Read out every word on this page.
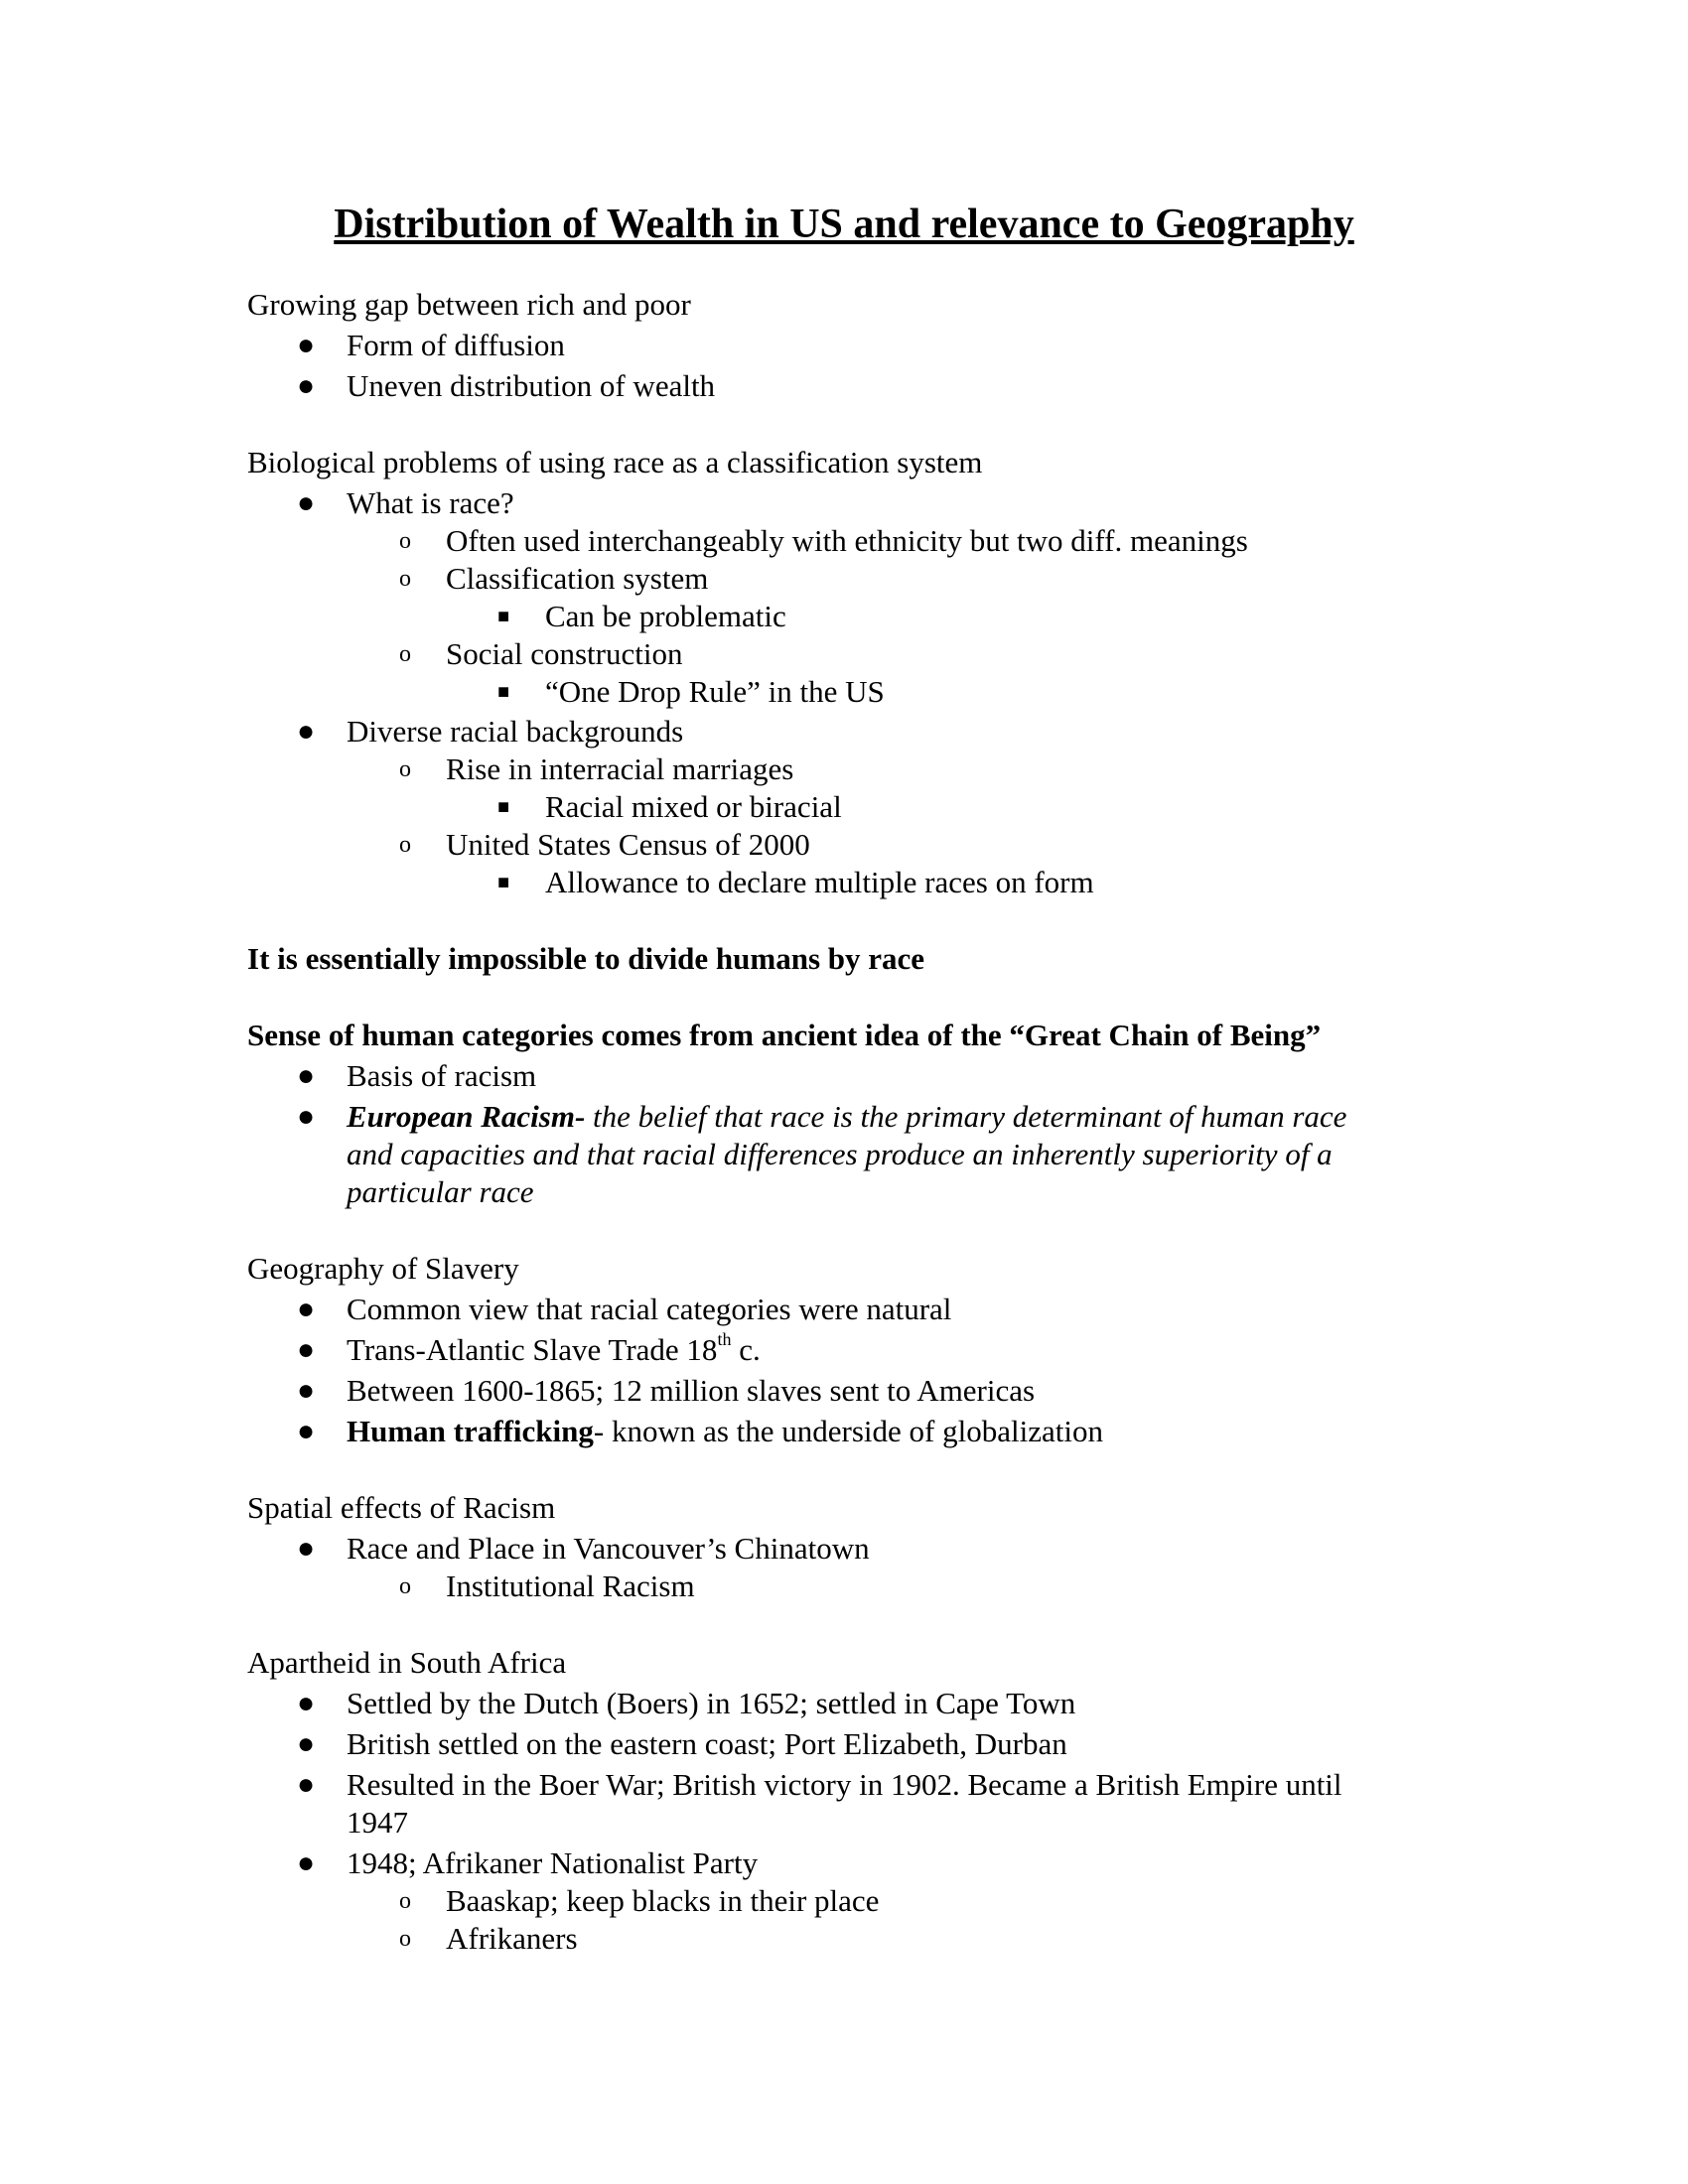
Distribution of Wealth in US and relevance to Geography
Growing gap between rich and poor
● Form of diffusion
● Uneven distribution of wealth
Biological problems of using race as a classification system
● What is race?
o Often used interchangeably with ethnicity but two diff. meanings
o Classification system
■ Can be problematic
o Social construction
■ “One Drop Rule” in the US
● Diverse racial backgrounds
o Rise in interracial marriages
■ Racial mixed or biracial
o United States Census of 2000
■ Allowance to declare multiple races on form
It is essentially impossible to divide humans by race
Sense of human categories comes from ancient idea of the “Great Chain of Being”
● Basis of racism
● European Racism- the belief that race is the primary determinant of human race
and capacities and that racial differences produce an inherently superiority of a
particular race
Geography of Slavery
● Common view that racial categories were natural
● Trans-Atlantic Slave Trade 18th c.
● Between 1600-1865; 12 million slaves sent to Americas
● Human trafficking- known as the underside of globalization
Spatial effects of Racism
● Race and Place in Vancouver’s Chinatown
o Institutional Racism
Apartheid in South Africa
● Settled by the Dutch (Boers) in 1652; settled in Cape Town
● British settled on the eastern coast; Port Elizabeth, Durban
● Resulted in the Boer War; British victory in 1902. Became a British Empire until
1947
● 1948; Afrikaner Nationalist Party
o Baaskap; keep blacks in their place
o Afrikaners
